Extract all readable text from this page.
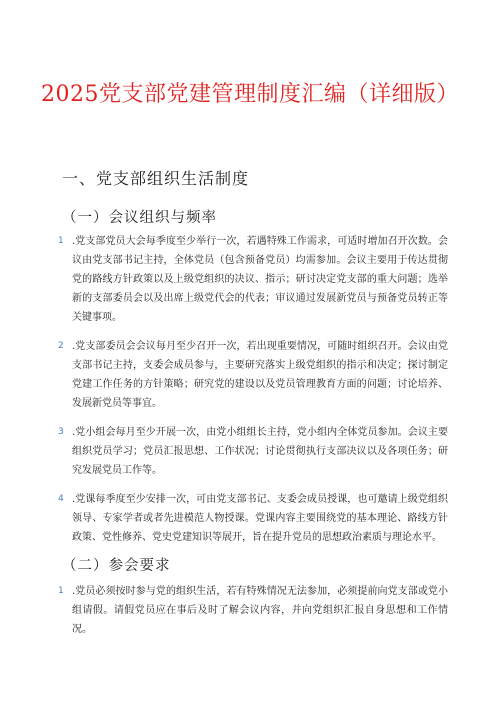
2025党支部党建管理制度汇编（详细版）
一、党支部组织生活制度
（一）会议组织与频率
1 .党支部党员大会每季度至少举行一次，若遇特殊工作需求，可适时增加召开次数。会议由党支部书记主持，全体党员（包含预备党员）均需参加。会议主要用于传达贯彻党的路线方针政策以及上级党组织的决议、指示；研讨决定党支部的重大问题；选举新的支部委员会以及出席上级党代会的代表；审议通过发展新党员与预备党员转正等关键事项。
2 .党支部委员会会议每月至少召开一次，若出现重要情况，可随时组织召开。会议由党支部书记主持，支委会成员参与，主要研究落实上级党组织的指示和决定；探讨制定党建工作任务的方针策略；研究党的建设以及党员管理教育方面的问题；讨论培养、发展新党员等事宜。
3 .党小组会每月至少开展一次，由党小组组长主持，党小组内全体党员参加。会议主要组织党员学习；党员汇报思想、工作状况；讨论贯彻执行支部决议以及各项任务；研究发展党员工作等。
4 .党课每季度至少安排一次，可由党支部书记、支委会成员授课，也可邀请上级党组织领导、专家学者或者先进模范人物授课。党课内容主要围绕党的基本理论、路线方针政策、党性修养、党史党建知识等展开，旨在提升党员的思想政治素质与理论水平。
（二）参会要求
1 .党员必须按时参与党的组织生活，若有特殊情况无法参加，必须提前向党支部或党小组请假。请假党员应在事后及时了解会议内容，并向党组织汇报自身思想和工作情况。
